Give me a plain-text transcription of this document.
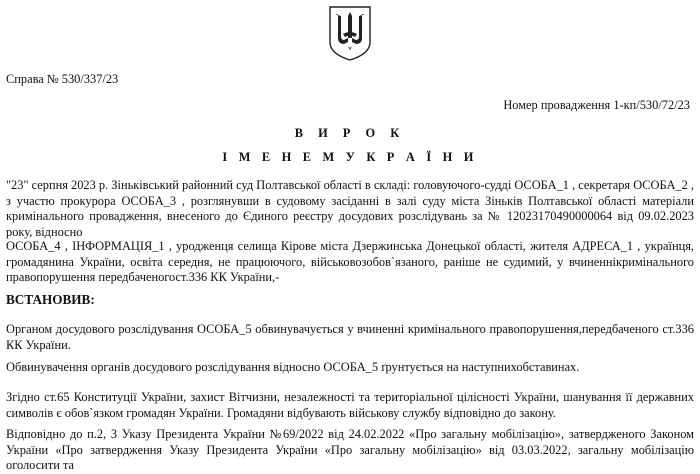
Справа № 530/337/23

Номер провадження 1-кп/530/72/23

В И Р О К
І М Е Н Е М У К Р А Ї Н И

"23" серпня 2023 р. Зіньківський районний суд Полтавської області в складі: головуючого-судді ОСОБА_1 , секретаря ОСОБА_2 , з участю прокурора ОСОБА_3 , розглянувши в судовому засіданні в залі суду міста Зіньків Полтавської області матеріали кримінального провадження, внесеного до Єдиного реєстру досудових розслідувань за № 12023170490000064 від 09.02.2023 року, відносно

ОСОБА_4 , ІНФОРМАЦІЯ_1 , уродженця селища Кірове міста Дзержинська Донецької області, жителя АДРЕСА_1 , українця, громадянина України, освіта середня, не працюючого, військовозобов`язаного, раніше не судимий, у вчиненнікримінального правопорушення передбаченогост.336 КК України,-

ВСТАНОВИВ:

Органом досудового розслідування ОСОБА_5 обвинувачується у вчиненні кримінального правопорушення,передбаченого ст.336 КК України.

Обвинувачення органів досудового розслідування відносно ОСОБА_5 ґрунтується на наступнихобставинах.

Згідно ст.65 Конституції України, захист Вітчизни, незалежності та територіальної цілісності України, шанування її державних символів є обов`язком громадян України. Громадяни відбувають військову службу відповідно до закону.

Відповідно до п.2, 3 Указу Президента України №69/2022 від 24.02.2022 «Про загальну мобілізацію», затвердженого Законом України «Про затвердження Указу Президента України «Про загальну мобілізацію» від 03.03.2022, загальну мобілізацію оголосити та
